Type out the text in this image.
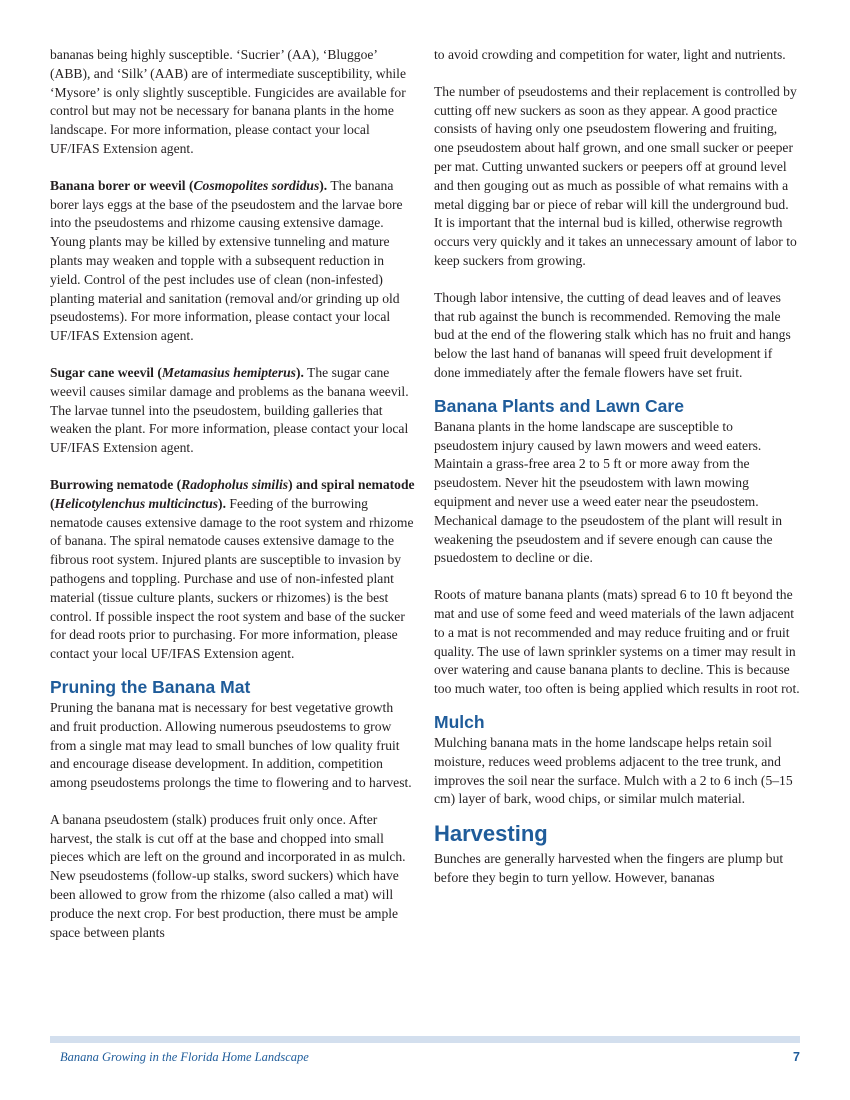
bananas being highly susceptible. ‘Sucrier’ (AA), ‘Bluggoe’ (ABB), and ‘Silk’ (AAB) are of intermediate susceptibility, while ‘Mysore’ is only slightly susceptible. Fungicides are available for control but may not be necessary for banana plants in the home landscape. For more information, please contact your local UF/IFAS Extension agent.

Banana borer or weevil (Cosmopolites sordidus). The banana borer lays eggs at the base of the pseudostem and the larvae bore into the pseudostems and rhizome causing extensive damage. Young plants may be killed by extensive tunneling and mature plants may weaken and topple with a subsequent reduction in yield. Control of the pest includes use of clean (non-infested) planting material and sanitation (removal and/or grinding up old pseudostems). For more information, please contact your local UF/IFAS Extension agent.

Sugar cane weevil (Metamasius hemipterus). The sugar cane weevil causes similar damage and problems as the banana weevil. The larvae tunnel into the pseudostem, building galleries that weaken the plant. For more information, please contact your local UF/IFAS Extension agent.

Burrowing nematode (Radopholus similis) and spiral nematode (Helicotylenchus multicinctus). Feeding of the burrowing nematode causes extensive damage to the root system and rhizome of banana. The spiral nematode causes extensive damage to the fibrous root system. Injured plants are susceptible to invasion by pathogens and toppling. Purchase and use of non-infested plant material (tissue culture plants, suckers or rhizomes) is the best control. If possible inspect the root system and base of the sucker for dead roots prior to purchasing. For more information, please contact your local UF/IFAS Extension agent.

Pruning the Banana Mat

Pruning the banana mat is necessary for best vegetative growth and fruit production. Allowing numerous pseudostems to grow from a single mat may lead to small bunches of low quality fruit and encourage disease development. In addition, competition among pseudostems prolongs the time to flowering and to harvest.

A banana pseudostem (stalk) produces fruit only once. After harvest, the stalk is cut off at the base and chopped into small pieces which are left on the ground and incorporated in as mulch. New pseudostems (follow-up stalks, sword suckers) which have been allowed to grow from the rhizome (also called a mat) will produce the next crop. For best production, there must be ample space between plants

to avoid crowding and competition for water, light and nutrients.

The number of pseudostems and their replacement is controlled by cutting off new suckers as soon as they appear. A good practice consists of having only one pseudostem flowering and fruiting, one pseudostem about half grown, and one small sucker or peeper per mat. Cutting unwanted suckers or peepers off at ground level and then gouging out as much as possible of what remains with a metal digging bar or piece of rebar will kill the underground bud. It is important that the internal bud is killed, otherwise regrowth occurs very quickly and it takes an unnecessary amount of labor to keep suckers from growing.

Though labor intensive, the cutting of dead leaves and of leaves that rub against the bunch is recommended. Removing the male bud at the end of the flowering stalk which has no fruit and hangs below the last hand of bananas will speed fruit development if done immediately after the female flowers have set fruit.

Banana Plants and Lawn Care

Banana plants in the home landscape are susceptible to pseudostem injury caused by lawn mowers and weed eaters. Maintain a grass-free area 2 to 5 ft or more away from the pseudostem. Never hit the pseudostem with lawn mowing equipment and never use a weed eater near the pseudostem. Mechanical damage to the pseudostem of the plant will result in weakening the pseudostem and if severe enough can cause the psuedostem to decline or die.

Roots of mature banana plants (mats) spread 6 to 10 ft beyond the mat and use of some feed and weed materials of the lawn adjacent to a mat is not recommended and may reduce fruiting and or fruit quality. The use of lawn sprinkler systems on a timer may result in over watering and cause banana plants to decline. This is because too much water, too often is being applied which results in root rot.

Mulch

Mulching banana mats in the home landscape helps retain soil moisture, reduces weed problems adjacent to the tree trunk, and improves the soil near the surface. Mulch with a 2 to 6 inch (5–15 cm) layer of bark, wood chips, or similar mulch material.

Harvesting

Bunches are generally harvested when the fingers are plump but before they begin to turn yellow. However, bananas

Banana Growing in the Florida Home Landscape	7
